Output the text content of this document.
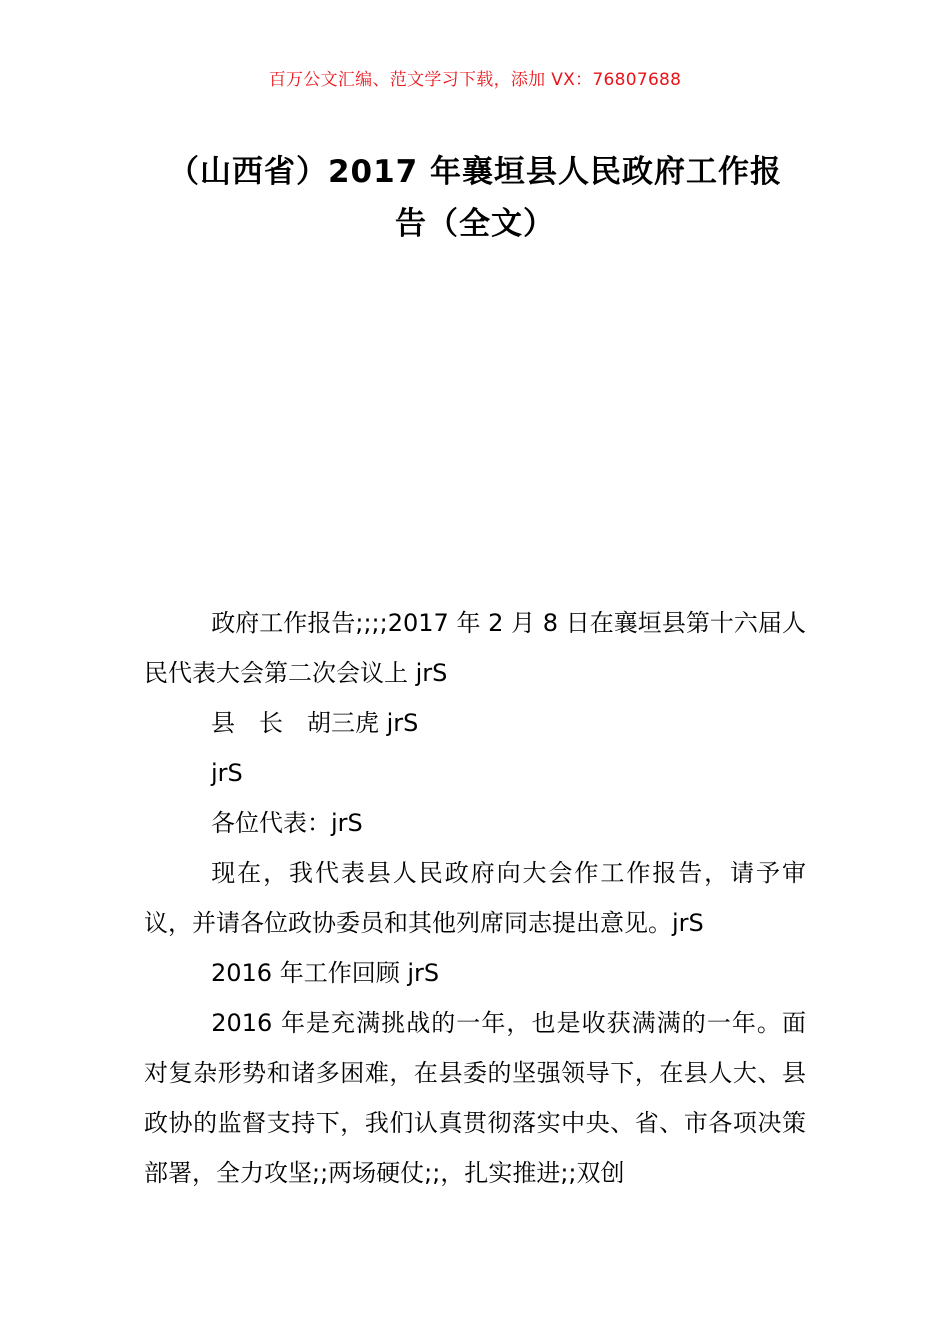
百万公文汇编、范文学习下载，添加 VX：76807688
（山西省）2017 年襄垣县人民政府工作报
告（全文）

政府工作报告;;;;2017 年 2 月 8 日在襄垣县第十六届人民代表大会第二次会议上 jrS

县　长　胡三虎 jrS

jrS

各位代表：jrS

现在，我代表县人民政府向大会作工作报告，请予审议，并请各位政协委员和其他列席同志提出意见。jrS

2016 年工作回顾 jrS

2016 年是充满挑战的一年，也是收获满满的一年。面对复杂形势和诸多困难，在县委的坚强领导下，在县人大、县政协的监督支持下，我们认真贯彻落实中央、省、市各项决策部署，全力攻坚;;两场硬仗;;，扎实推进;;双创
